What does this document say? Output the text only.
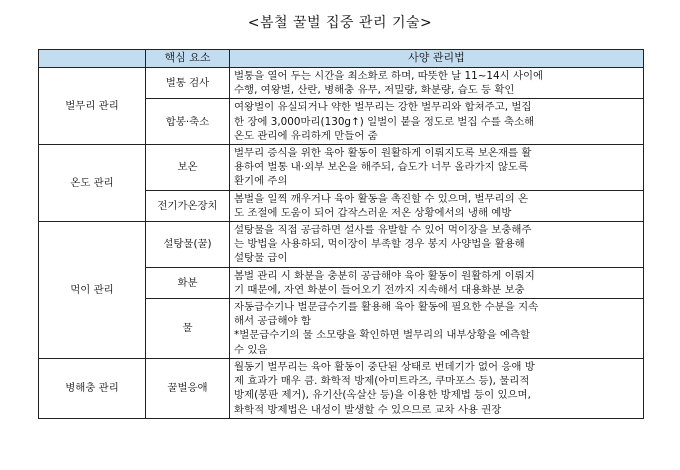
<봄철 꿀벌 집중 관리 기술>
	핵심 요소	사양 관리법
벌무리 관리	벌통 검사	벌통을 열어 두는 시간을 최소화로 하며, 따뜻한 날 11~14시 사이에
수행, 여왕벌, 산란, 병해충 유무, 저밀량, 화분량, 습도 등 확인

	합봉·축소	여왕벌이 유실되거나 약한 벌무리는 강한 벌무리와 합쳐주고, 벌집
한 장에 3,000마리(130g↑) 일벌이 붙을 정도로 벌집 수를 축소해
온도 관리에 유리하게 만들어 줌

온도 관리	보온	벌무리 증식을 위한 육아 활동이 원활하게 이뤄지도록 보온재를 활
용하여 벌통 내·외부 보온을 해주되, 습도가 너무 올라가지 않도록
환기에 주의

	전기가온장치	봄벌을 일찍 깨우거나 육아 활동을 촉진할 수 있으며, 벌무리의 온
도 조절에 도움이 되어 갑작스러운 저온 상황에서의 냉해 예방

먹이 관리	설탕물(꿀)	설탕물을 직접 공급하면 설사를 유발할 수 있어 먹이장을 보충해주
는 방법을 사용하되, 먹이장이 부족할 경우 봉지 사양법을 활용해
설탕물 급이

	화분	봄벌 관리 시 화분을 충분히 공급해야 육아 활동이 원활하게 이뤄지
기 때문에, 자연 화분이 들어오기 전까지 지속해서 대용화분 보충

	물	자동급수기나 벌문급수기를 활용해 육아 활동에 필요한 수분을 지속
해서 공급해야 함
*벌문급수기의 물 소모량을 확인하면 벌무리의 내부상황을 예측할
수 있음

병해충 관리	꿀벌응애	월동기 벌무리는 육아 활동이 중단된 상태로 번데기가 없어 응애 방
제 효과가 매우 큼. 화학적 방제(아미트라즈, 쿠마포스 등), 물리적
방제(봉판 제거), 유기산(옥살산 등)을 이용한 방제법 등이 있으며,
화학적 방제법은 내성이 발생할 수 있으므로 교차 사용 권장
